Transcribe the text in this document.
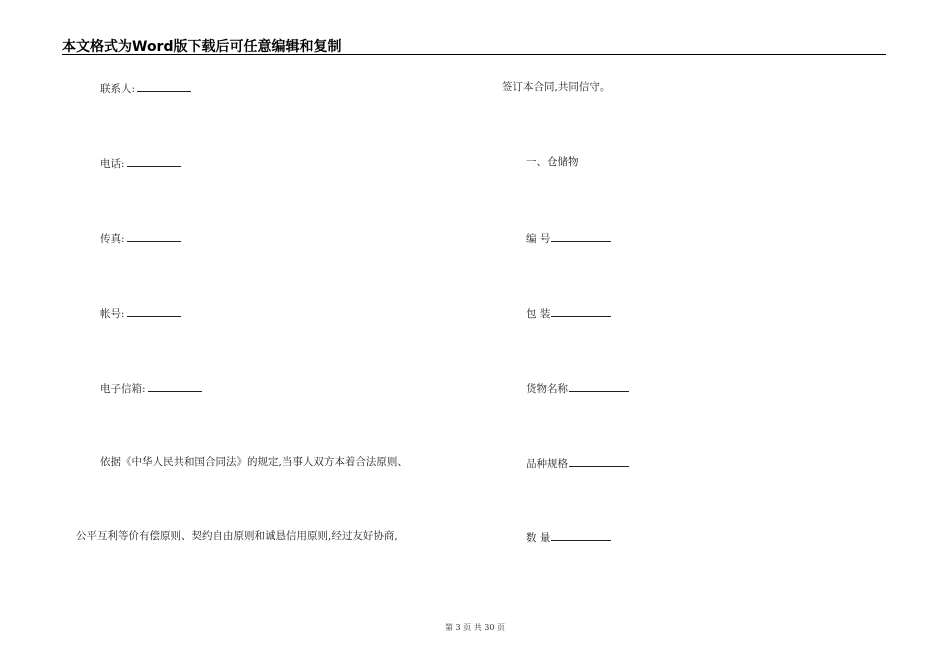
本文格式为Word版下载后可任意编辑和复制
联系人:
电话:
传真:
帐号:
电子信箱:
依据《中华人民共和国合同法》的规定,当事人双方本着合法原则、
公平互利等价有偿原则、契约自由原则和诚恳信用原则,经过友好协商,
签订本合同,共同信守。
一、仓储物
编 号
包 装
货物名称
品种规格
数 量
第 3 页 共 30 页
